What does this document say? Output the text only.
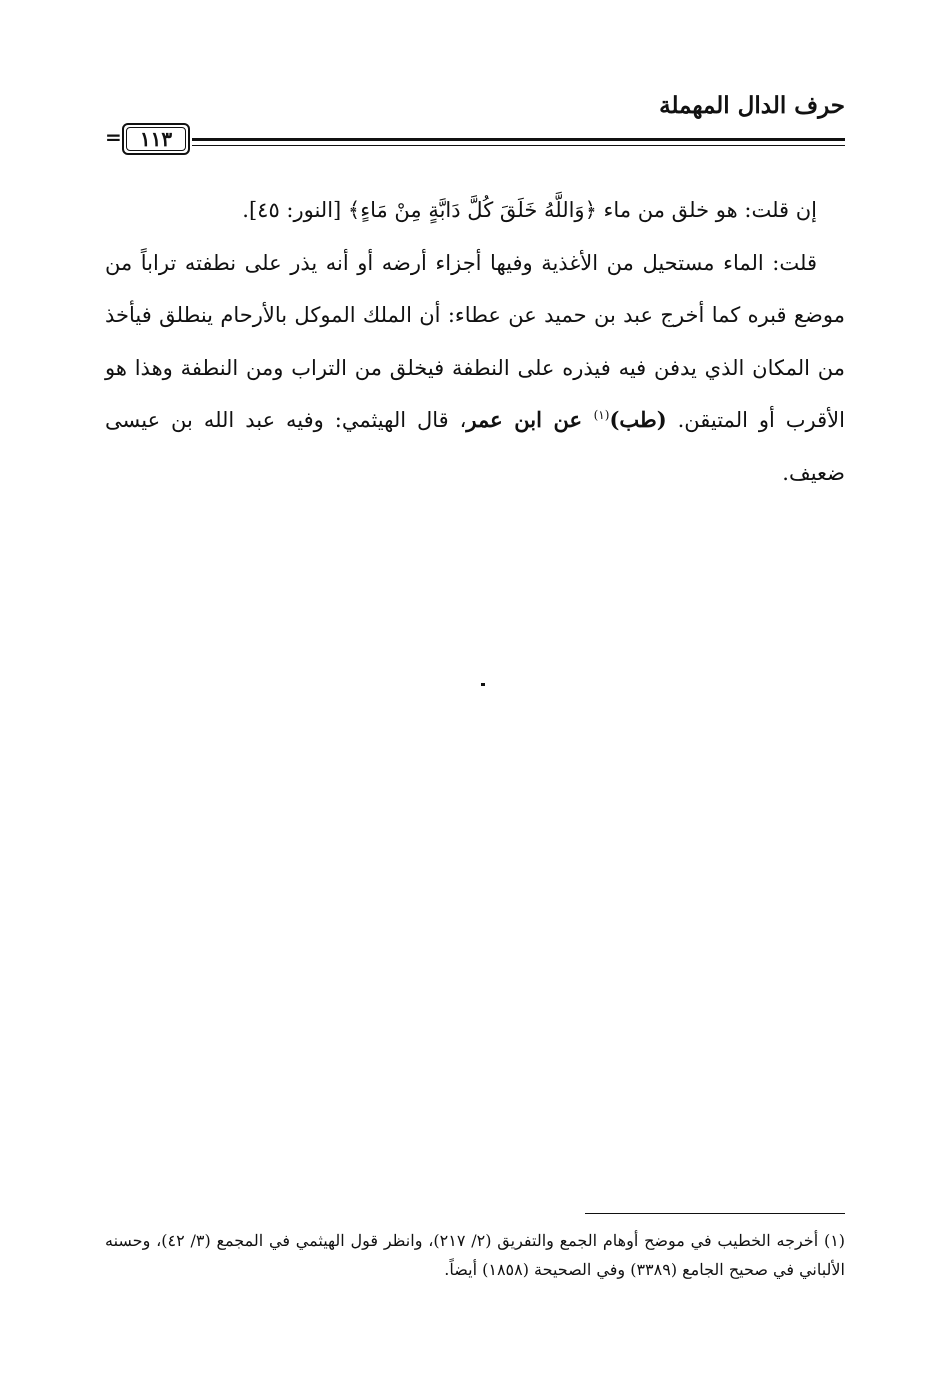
حرف الدال المهملة
= ١١٣

إن قلت: هو خلق من ماء ﴿وَاللَّهُ خَلَقَ كُلَّ دَابَّةٍ مِنْ مَاءٍ﴾ [النور: ٤٥].

قلت: الماء مستحيل من الأغذية وفيها أجزاء أرضه أو أنه يذر على نطفته تراباً من موضع قبره كما أخرج عبد بن حميد عن عطاء: أن الملك الموكل بالأرحام ينطلق فيأخذ من المكان الذي يدفن فيه فيذره على النطفة فيخلق من التراب ومن النطفة وهذا هو الأقرب أو المتيقن. (طب)$^{(١)}$ عن ابن عمر، قال الهيثمي: وفيه عبد الله بن عيسى ضعيف.

(١) أخرجه الخطيب في موضح أوهام الجمع والتفريق (٢/ ٢١٧)، وانظر قول الهيثمي في المجمع (٣/ ٤٢)، وحسنه الألباني في صحيح الجامع (٣٣٨٩) وفي الصحيحة (١٨٥٨) أيضاً.
